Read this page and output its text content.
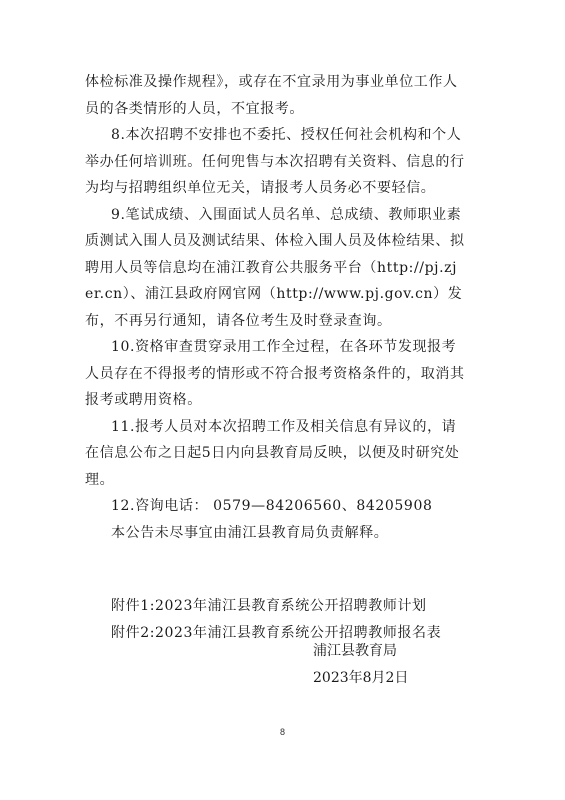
体检标准及操作规程》，或存在不宜录用为事业单位工作人
员的各类情形的人员，不宜报考。
8.本次招聘不安排也不委托、授权任何社会机构和个人
举办任何培训班。任何兜售与本次招聘有关资料、信息的行
为均与招聘组织单位无关，请报考人员务必不要轻信。
9.笔试成绩、入围面试人员名单、总成绩、教师职业素
质测试入围人员及测试结果、体检入围人员及体检结果、拟
聘用人员等信息均在浦江教育公共服务平台（http://pj.zj
er.cn）、浦江县政府网官网（http://www.pj.gov.cn）发
布，不再另行通知，请各位考生及时登录查询。
10.资格审查贯穿录用工作全过程，在各环节发现报考
人员存在不得报考的情形或不符合报考资格条件的，取消其
报考或聘用资格。
11.报考人员对本次招聘工作及相关信息有异议的，请
在信息公布之日起5日内向县教育局反映，以便及时研究处
理。
12.咨询电话： 0579—84206560、84205908
本公告未尽事宜由浦江县教育局负责解释。
附件1:2023年浦江县教育系统公开招聘教师计划
附件2:2023年浦江县教育系统公开招聘教师报名表
浦江县教育局
2023年8月2日
8
